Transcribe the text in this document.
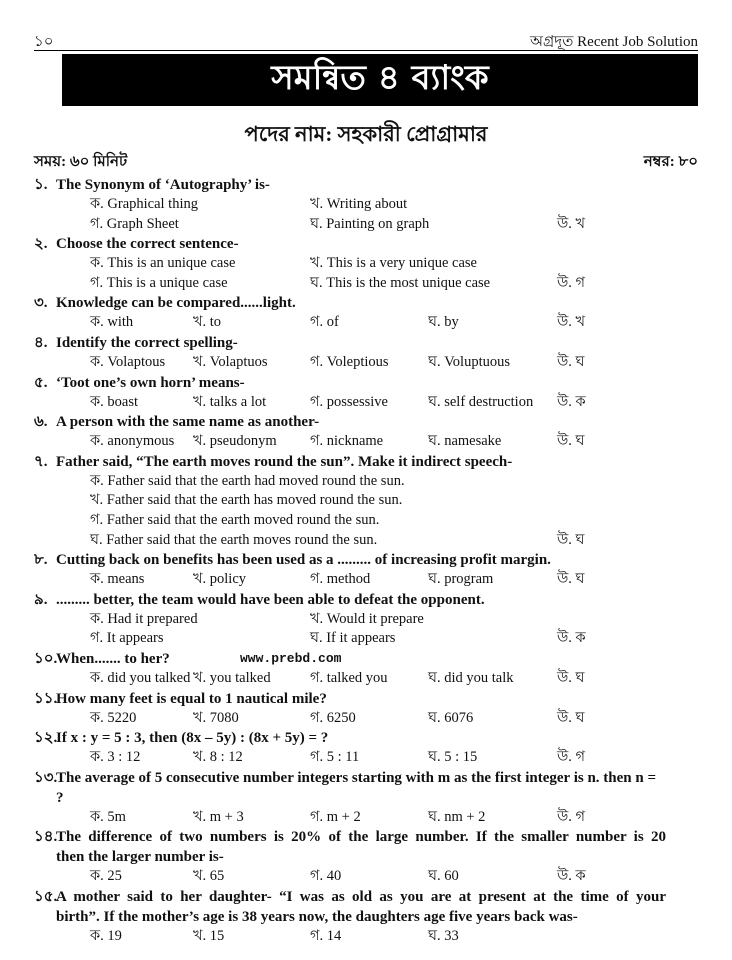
১০	অগ্রদূত Recent Job Solution
সমন্বিত ৪ ব্যাংক
পদের নাম: সহকারী প্রোগ্রামার
সময়: ৬০ মিনিট	নম্বর: ৮০
১. The Synonym of ‘Autography’ is-
ক. Graphical thing	খ. Writing about
গ. Graph Sheet	ঘ. Painting on graph	উ. খ
২. Choose the correct sentence-
ক. This is an unique case	খ. This is a very unique case
গ. This is a unique case	ঘ. This is the most unique case	উ. গ
৩. Knowledge can be compared......light.
ক. with	খ. to	গ. of	ঘ. by	উ. খ
৪. Identify the correct spelling-
ক. Volaptous খ. Volaptuos	গ. Voleptious	ঘ. Voluptuous	উ. ঘ
৫. ‘Toot one’s own horn’ means-
ক. boast	খ. talks a lot	গ. possessive	ঘ. self destruction উ. ক
৬. A person with the same name as another-
ক. anonymous খ. pseudonym গ. nickname	ঘ. namesake	উ. ঘ
৭. Father said, “The earth moves round the sun”. Make it indirect speech-
ক. Father said that the earth had moved round the sun.
খ. Father said that the earth has moved round the sun.
গ. Father said that the earth moved round the sun.
ঘ. Father said that the earth moves round the sun.	উ. ঘ
৮. Cutting back on benefits has been used as a ......... of increasing profit margin.
ক. means	খ. policy	গ. method	ঘ. program	উ. ঘ
৯. ......... better, the team would have been able to defeat the opponent.
ক. Had it prepared	খ. Would it prepare
গ. It appears	ঘ. If it appears	উ. ক
১০.
When....... to her?	www.prebd.com
ক. did you talked খ. you talked	গ. talked you	ঘ. did you talk	উ. ঘ
১১.
How many feet is equal to 1 nautical mile?
ক. 5220	খ. 7080	গ. 6250	ঘ. 6076	উ. ঘ
১২.
If x : y = 5 : 3, then (8x – 5y) : (8x + 5y) = ?
ক. 3 : 12	খ. 8 : 12	গ. 5 : 11	ঘ. 5 : 15	উ. গ
১৩.
The average of 5 consecutive number integers starting with m as the first integer is n. then n = ?
ক. 5m	খ. m + 3	গ. m + 2	ঘ. nm + 2	উ. গ
১৪.
The difference of two numbers is 20% of the large number. If the smaller number is 20
then the larger number is-
ক. 25	খ. 65	গ. 40	ঘ. 60	উ. ক
১৫.
A mother said to her daughter- “I was as old as you are at present at the time of your
birth”. If the mother’s age is 38 years now, the daughters age five years back was-
ক. 19	খ. 15	গ. 14	ঘ. 33
